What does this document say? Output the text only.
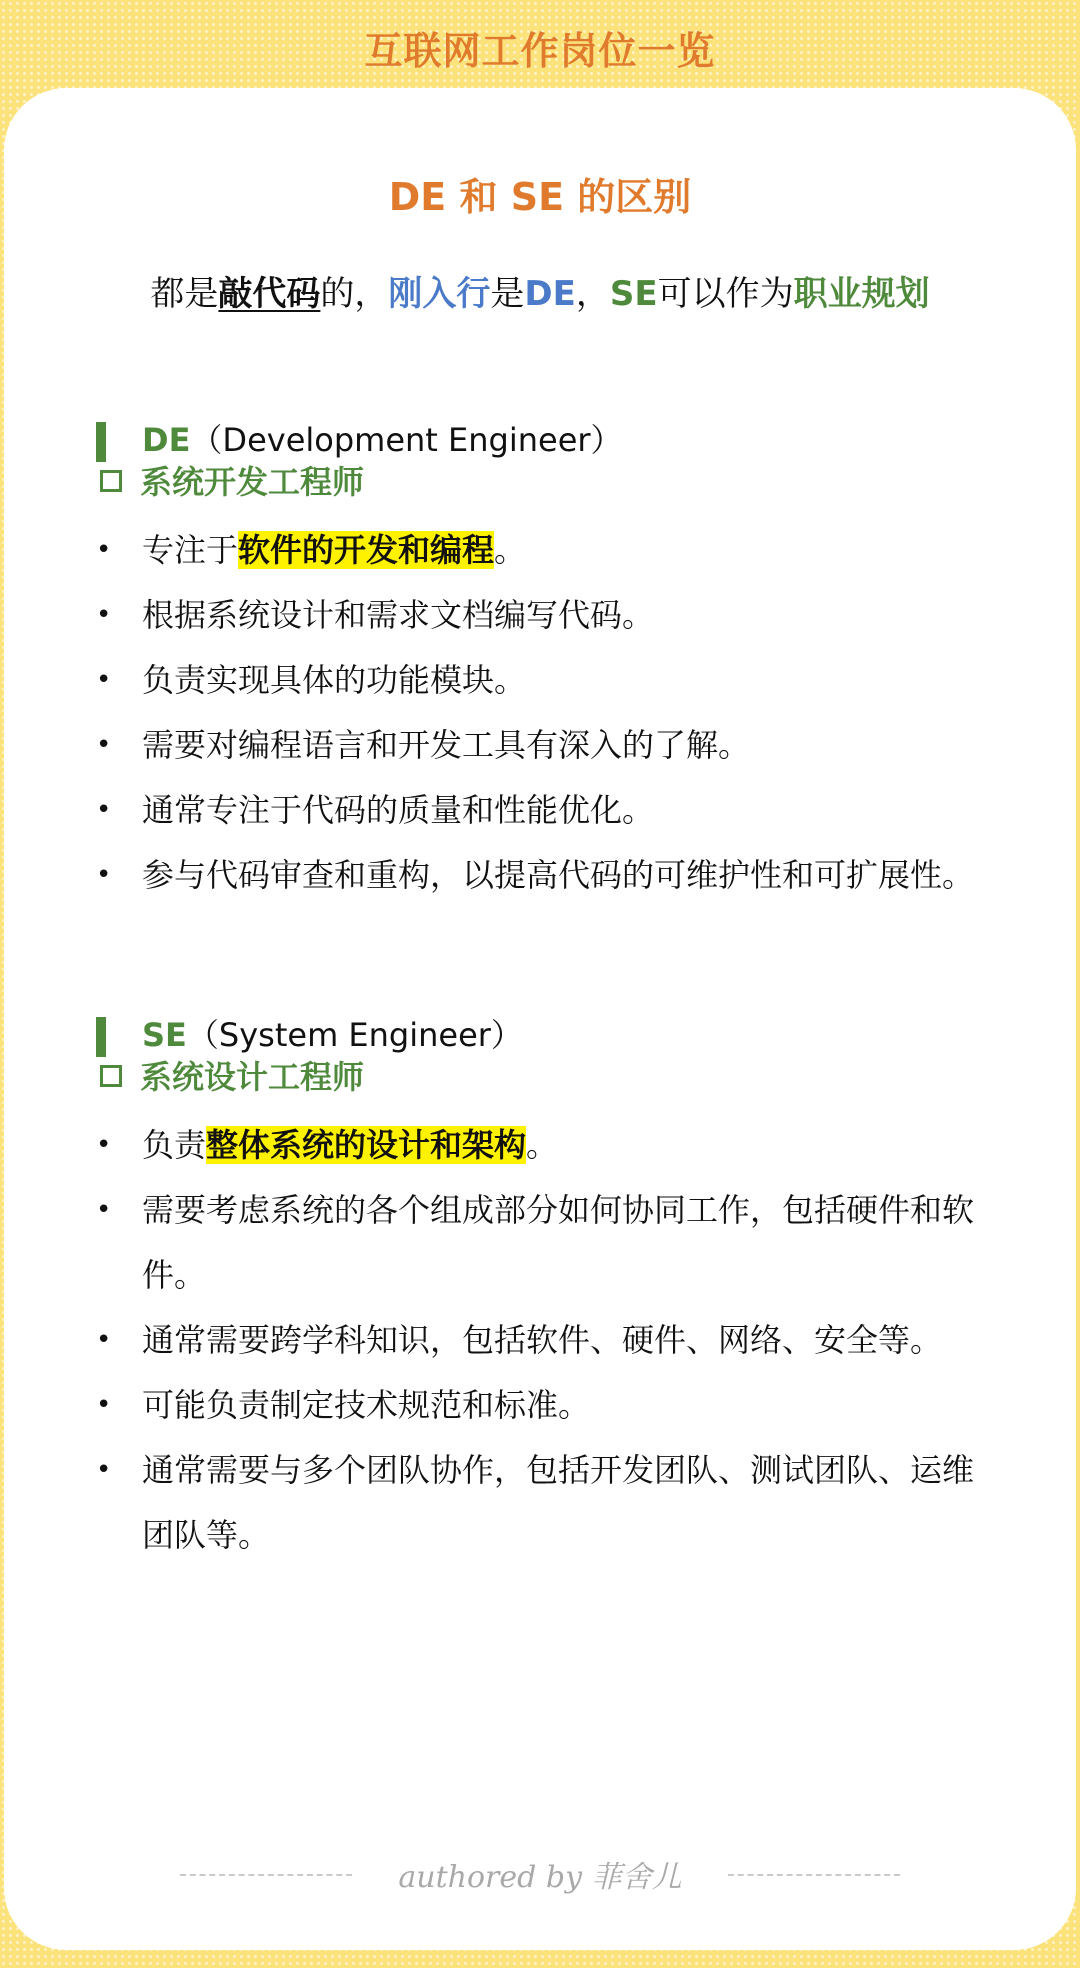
互联网工作岗位一览
DE 和 SE 的区别
都是敲代码的，刚入行是DE，SE可以作为职业规划
DE（Development Engineer）
系统开发工程师
• 专注于软件的开发和编程。
• 根据系统设计和需求文档编写代码。
• 负责实现具体的功能模块。
• 需要对编程语言和开发工具有深入的了解。
• 通常专注于代码的质量和性能优化。
• 参与代码审查和重构，以提高代码的可维护性和可扩展性。
SE（System Engineer）
系统设计工程师
• 负责整体系统的设计和架构。
• 需要考虑系统的各个组成部分如何协同工作，包括硬件和软件。
• 通常需要跨学科知识，包括软件、硬件、网络、安全等。
• 可能负责制定技术规范和标准。
• 通常需要与多个团队协作，包括开发团队、测试团队、运维团队等。
authored by 菲舍儿
